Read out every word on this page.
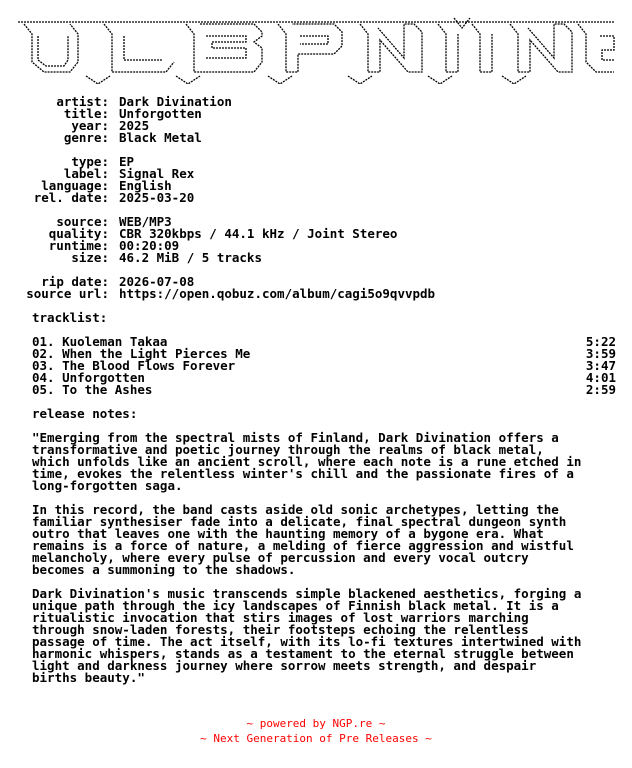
artist: Dark Divination
title: Unforgotten
year: 2025
genre: Black Metal
type: EP
label: Signal Rex
language: English
rel. date: 2025-03-20
source: WEB/MP3
quality: CBR 320kbps / 44.1 kHz / Joint Stereo
runtime: 00:20:09
size: 46.2 MiB / 5 tracks
rip date: 2026-07-08
source url: https://open.qobuz.com/album/cagi5o9qvvpdb
tracklist:
01. Kuoleman Takaa	5:22
02. When the Light Pierces Me	3:59
03. The Blood Flows Forever	3:47
04. Unforgotten	4:01
05. To the Ashes	2:59
release notes:

"Emerging from the spectral mists of Finland, Dark Divination offers a
transformative and poetic journey through the realms of black metal,
which unfolds like an ancient scroll, where each note is a rune etched in
time, evokes the relentless winter's chill and the passionate fires of a
long-forgotten saga.

In this record, the band casts aside old sonic archetypes, letting the
familiar synthesiser fade into a delicate, final spectral dungeon synth
outro that leaves one with the haunting memory of a bygone era. What
remains is a force of nature, a melding of fierce aggression and wistful
melancholy, where every pulse of percussion and every vocal outcry
becomes a summoning to the shadows.

Dark Divination's music transcends simple blackened aesthetics, forging a
unique path through the icy landscapes of Finnish black metal. It is a
ritualistic invocation that stirs images of lost warriors marching
through snow-laden forests, their footsteps echoing the relentless
passage of time. The act itself, with its lo-fi textures intertwined with
harmonic whispers, stands as a testament to the eternal struggle between
light and darkness journey where sorrow meets strength, and despair
births beauty."

~ powered by NGP.re ~
~ Next Generation of Pre Releases ~
